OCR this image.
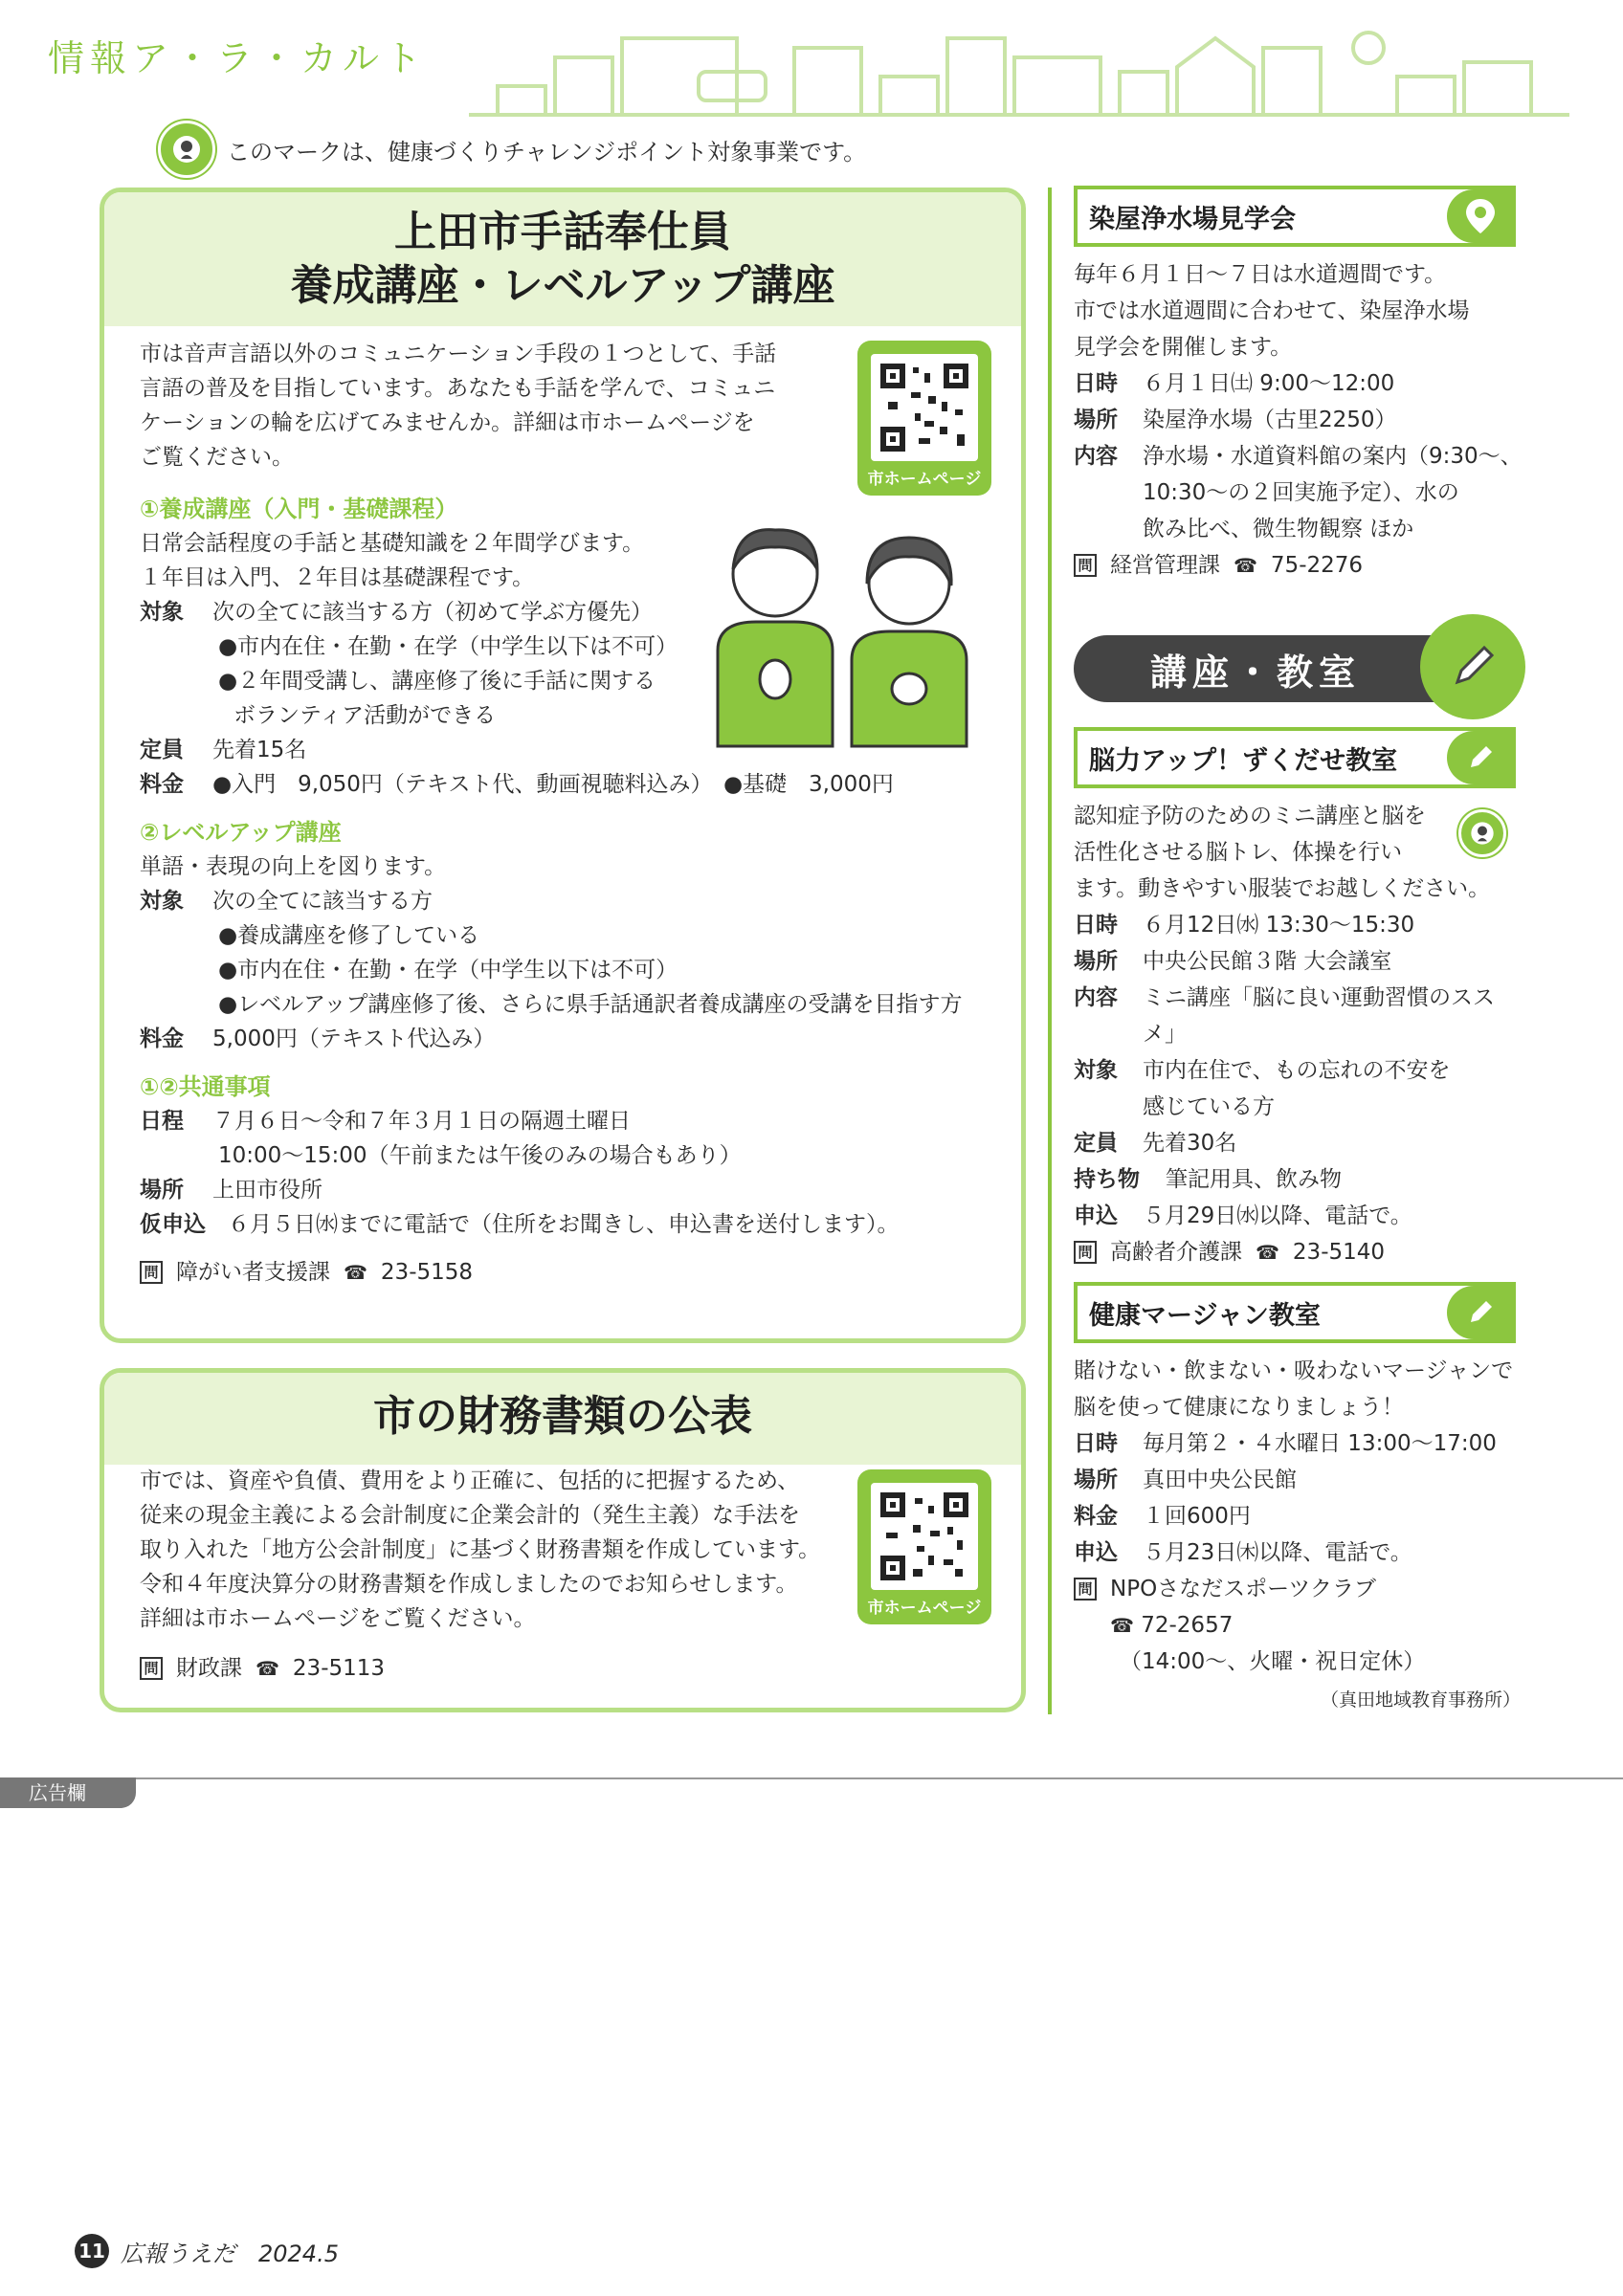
情報ア・ラ・カルト
このマークは、健康づくりチャレンジポイント対象事業です。
上田市手話奉仕員
養成講座・レベルアップ講座
市は音声言語以外のコミュニケーション手段の１つとして、手話
言語の普及を目指しています。あなたも手話を学んで、コミュニ
ケーションの輪を広げてみませんか。詳細は市ホームページを
ご覧ください。
市ホームページ
①養成講座（入門・基礎課程）
日常会話程度の手話と基礎知識を２年間学びます。
１年目は入門、２年目は基礎課程です。
対象	次の全てに該当する方（初めて学ぶ方優先）
●市内在住・在勤・在学（中学生以下は不可）
●２年間受講し、講座修了後に手話に関する
ボランティア活動ができる
定員	先着15名
料金	●入門　9,050円（テキスト代、動画視聴料込み）　●基礎　3,000円
②レベルアップ講座
単語・表現の向上を図ります。
対象	次の全てに該当する方
●養成講座を修了している
●市内在住・在勤・在学（中学生以下は不可）
●レベルアップ講座修了後、さらに県手話通訳者養成講座の受講を目指す方
料金	5,000円（テキスト代込み）
①②共通事項
日程	７月６日～令和７年３月１日の隔週土曜日
10:00～15:00（午前または午後のみの場合もあり）
場所	上田市役所
仮申込	６月５日㈬までに電話で（住所をお聞きし、申込書を送付します）。
問 障がい者支援課 ☎ 23-5158
市の財務書類の公表
市では、資産や負債、費用をより正確に、包括的に把握するため、
従来の現金主義による会計制度に企業会計的（発生主義）な手法を
取り入れた「地方公会計制度」に基づく財務書類を作成しています。
令和４年度決算分の財務書類を作成しましたのでお知らせします。
詳細は市ホームページをご覧ください。
問 財政課 ☎ 23-5113
市ホームページ
染屋浄水場見学会
毎年６月１日～７日は水道週間です。
市では水道週間に合わせて、染屋浄水場
見学会を開催します。
日時	６月１日㈯ 9:00～12:00
場所	染屋浄水場（古里2250）
内容	浄水場・水道資料館の案内（9:30～、
10:30～の２回実施予定）、水の
飲み比べ、微生物観察 ほか
問 経営管理課 ☎ 75-2276
講座・教室
脳力アップ！ずくだせ教室
認知症予防のためのミニ講座と脳を
活性化させる脳トレ、体操を行い
ます。動きやすい服装でお越しください。
日時	６月12日㈬ 13:30～15:30
場所	中央公民館３階 大会議室
内容	ミニ講座「脳に良い運動習慣のススメ」
対象	市内在住で、もの忘れの不安を
感じている方
定員	先着30名
持ち物	筆記用具、飲み物
申込	５月29日㈬以降、電話で。
問 高齢者介護課 ☎ 23-5140
健康マージャン教室
賭けない・飲まない・吸わないマージャンで
脳を使って健康になりましょう！
日時	毎月第２・４水曜日 13:00～17:00
場所	真田中央公民館
料金	１回600円
申込	５月23日㈭以降、電話で。
問 NPOさなだスポーツクラブ
☎ 72-2657
（14:00～、火曜・祝日定休）
（真田地域教育事務所）
広告欄
11 広報うえだ　2024.5
